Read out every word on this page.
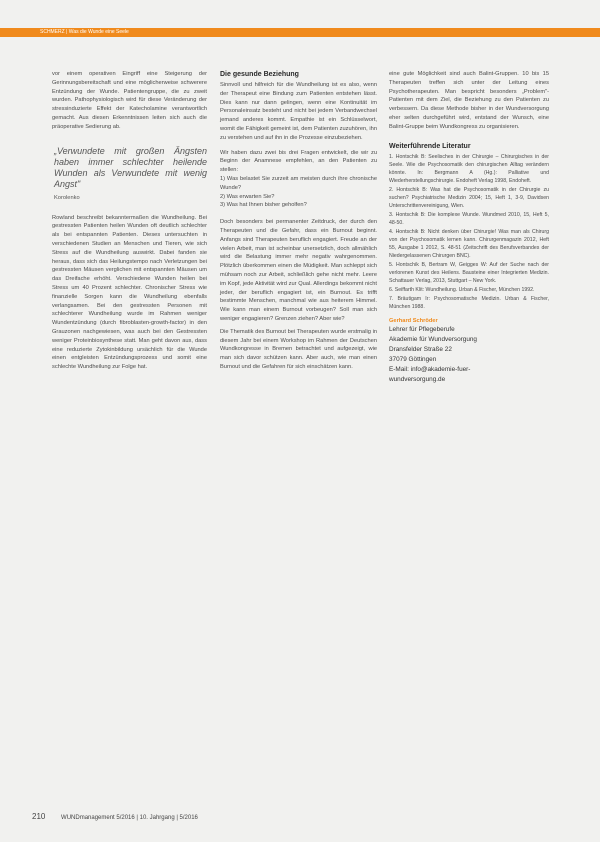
SCHMERZ | Was die Wunde eine Seele

vor einem operativen Eingriff eine Steigerung der Gerinnungsbereitschaft und eine möglicherweise schwerere Entzündung der Wunde. Patientengruppe, die zu zweit wurden. Pathophysiologisch wird für diese Veränderung der stressinduzierte Effekt der Katecholamine verantwortlich gemacht. Aus diesen Erkenntnissen leiten sich auch die präoperative Sedierung ab.

„Verwundete mit großen Ängsten haben immer schlechter heilende Wunden als Verwundete mit wenig Angst"
Korolenko

Rowland beschreibt bekanntermaßen die Wundheilung. Bei gestressten Patienten heilen Wunden oft deutlich schlechter als bei entspannten Patienten. Dieses untersuchten in verschiedenen Studien an Menschen und Tieren, wie sich Stress auf die Wundheilung auswirkt. Dabei fanden sie heraus, dass sich das Heilungstempo nach Verletzungen bei gestressten Mäusen verglichen mit entspannten Mäusen um das Dreifache erhöht. Verschiedene Wunden heilen bei Stress um 40 Prozent schlechter. Chronischer Stress wie finanzielle Sorgen kann die Wundheilung ebenfalls verlangsamen. Bei den gestressten Personen mit schlechterer Wundheilung wurde im Rahmen weniger Wundentzündung (durch fibroblasten-growth-factor) in den Grauzonen nachgewiesen, was auch bei den Gestressten weniger Proteinbiosynthese statt. Man geht davon aus, dass eine reduzierte Zytokinbildung ursächlich für die Wunde einen entgleisten Entzündungsprozess und somit eine schlechte Wundheilung zur Folge hat.

Die gesunde Beziehung

Sinnvoll und hilfreich für die Wundheilung ist es also, wenn der Therapeut eine Bindung zum Patienten entstehen lässt. Dies kann nur dann gelingen, wenn eine Kontinuität im Personaleinsatz besteht und nicht bei jedem Verbandwechsel jemand anderes kommt. Empathie ist ein Schlüsselwort, womit die Fähigkeit gemeint ist, dem Patienten zuzuhören, ihn zu verstehen und auf ihn in die Prozesse einzubeziehen.

Wir haben dazu zwei bis drei Fragen entwickelt, die wir zu Beginn der Anamnese empfehlen, an den Patienten zu stellen:

1) Was belastet Sie zurzeit am meisten durch ihre chronische Wunde?
2) Was erwarten Sie?
3) Was hat Ihnen bisher geholfen?

Doch besonders bei permanenter Zeitdruck, der durch den Therapeuten und die Gefahr, dass ein Burnout beginnt. Anfangs sind Therapeuten beruflich engagiert. Freude an der vielen Arbeit, man ist scheinbar unersetzlich, doch allmählich wird die Belastung immer mehr negativ wahrgenommen. Plötzlich überkommen einen die Müdigkeit. Man schleppt sich mühsam noch zur Arbeit, schließlich gehe nicht mehr. Leere im Kopf, jede Aktivität wird zur Qual. Allerdings bekommt nicht jeder, der beruflich engagiert ist, ein Burnout. Es trifft bestimmte Menschen, manchmal wie aus heiterem Himmel. Wie kann man einem Burnout vorbeugen? Soll man sich weniger engagieren? Grenzen ziehen? Aber wie?

Die Thematik des Burnout bei Therapeuten wurde erstmalig in diesem Jahr bei einem Workshop im Rahmen der Deutschen Wundkongresse in Bremen betrachtet und aufgezeigt, wie man sich davor schützen kann. Aber auch, wie man einen Burnout und die Gefahren für sich einschätzen kann.

eine gute Möglichkeit sind auch Balint-Gruppen. 10 bis 15 Therapeuten treffen sich unter der Leitung eines Psychotherapeuten. Man bespricht besonders „Problem"-Patienten mit dem Ziel, die Beziehung zu den Patienten zu verbessern. Da diese Methode bisher in der Wundversorgung eher selten durchgeführt wird, entstand der Wunsch, eine Balint-Gruppe beim Wundkongress zu organisieren.

Weiterführende Literatur
1. Hontschik B: Seelisches in der Chirurgie – Chirurgisches in der Seele. Wie die Psychosomatik den chirurgischen Alltag verändern könnte. In: Bergmann A (Hg.): Palliative und Wiederherstellungschirurgie. Endoheft Verlag 1998, Endoheft.
2. Hontschik B: Was hat die Psychosomatik in der Chirurgie zu suchen? Psychiatrische Medizin 2004; 15, Heft 1, 3-9, Davidsen Unterschrittenvereinigung, Wien.
3. Hontschik B: Die komplexe Wunde. Wundmed 2010, 15, Heft 5, 48-50.
4. Hontschik B: Nicht denken über Chirurgie! Was man als Chirurg von der Psychosomatik lernen kann. Chirurgenmagazin 2012, Heft 55, Ausgabe 1 2012, S. 48-51 (Zeitschrift des Berufsverbandes der Niedergelassenen Chirurgen BNC).
5. Hontschik B, Bertram W, Geigges W: Auf der Suche nach der verlorenen Kunst des Heilens. Bausteine einer Integrierten Medizin. Schattauer Verlag, 2013, Stuttgart – New York.
6. Seiffarth Klit: Wundheilung. Urban & Fischer, München 1992.
7. Bräutigam Ir: Psychosomatische Medizin. Urban & Fischer, München 1988.
Gerhard Schröder
Lehrer für Pflegeberufe
Akademie für Wundversorgung
Dransfelder Straße 22
37079 Göttingen
E-Mail: info@akademie-fuer-
wundversorgung.de
210	WUNDmanagement 5/2016 | 10. Jahrgang | 5/2016
